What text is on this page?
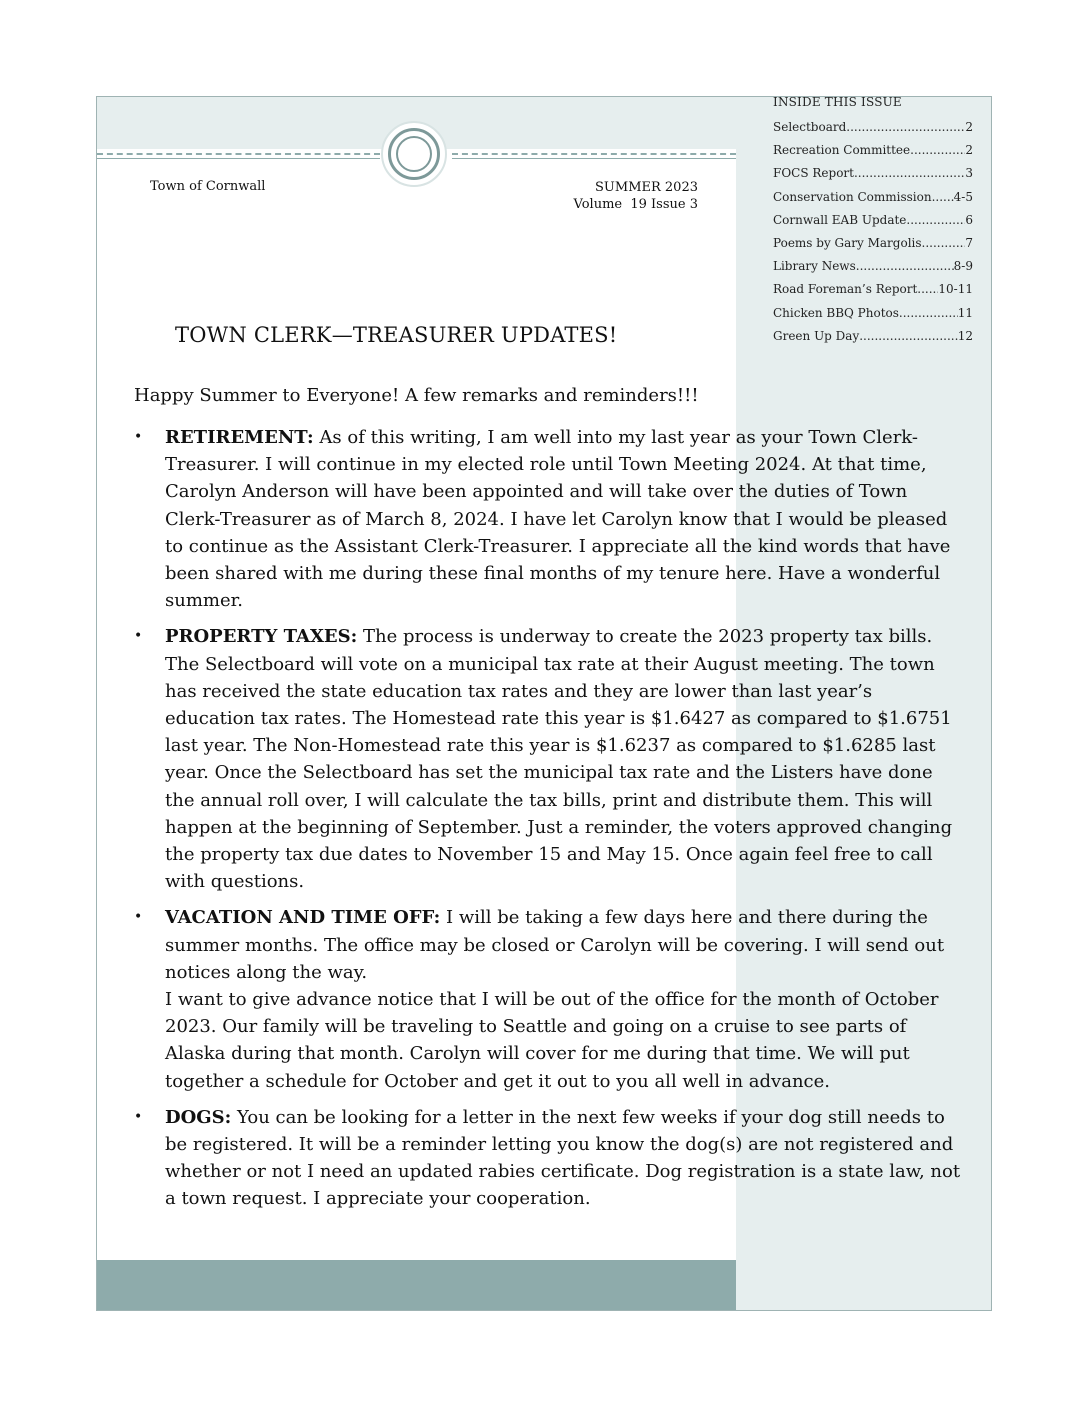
Town of Cornwall	SUMMER 2023
Volume  19 Issue 3
INSIDE THIS ISSUE
Selectboard .....	2
Recreation Committee .....	2
FOCS Report .....	3
Conservation Commission ..... 4-5
Cornwall EAB Update .....	6
Poems by Gary Margolis .....	7
Library News .....	8-9
Road Foreman’s Report ..... 10-11
Chicken BBQ Photos .....	11
Green Up Day .....	12
TOWN CLERK—TREASURER UPDATES!
Happy Summer to Everyone! A few remarks and reminders!!!
• RETIREMENT: As of this writing, I am well into my last year as your Town Clerk-Treasurer. I will continue in my elected role until Town Meeting 2024. At that time, Carolyn Anderson will have been appointed and will take over the duties of Town Clerk-Treasurer as of March 8, 2024. I have let Carolyn know that I would be pleased to continue as the Assistant Clerk-Treasurer. I appreciate all the kind words that have been shared with me during these final months of my tenure here. Have a wonderful summer.
• PROPERTY TAXES: The process is underway to create the 2023 property tax bills. The Selectboard will vote on a municipal tax rate at their August meeting. The town has received the state education tax rates and they are lower than last year’s education tax rates. The Homestead rate this year is $1.6427 as compared to $1.6751 last year. The Non-Homestead rate this year is $1.6237 as compared to $1.6285 last year. Once the Selectboard has set the municipal tax rate and the Listers have done the annual roll over, I will calculate the tax bills, print and distribute them. This will happen at the beginning of September. Just a reminder, the voters approved changing the property tax due dates to November 15 and May 15. Once again feel free to call with questions.
• VACATION AND TIME OFF: I will be taking a few days here and there during the summer months. The office may be closed or Carolyn will be covering. I will send out notices along the way.
I want to give advance notice that I will be out of the office for the month of October 2023. Our family will be traveling to Seattle and going on a cruise to see parts of Alaska during that month. Carolyn will cover for me during that time. We will put together a schedule for October and get it out to you all well in advance.
• DOGS: You can be looking for a letter in the next few weeks if your dog still needs to be registered. It will be a reminder letting you know the dog(s) are not registered and whether or not I need an updated rabies certificate. Dog registration is a state law, not a town request. I appreciate your cooperation.
